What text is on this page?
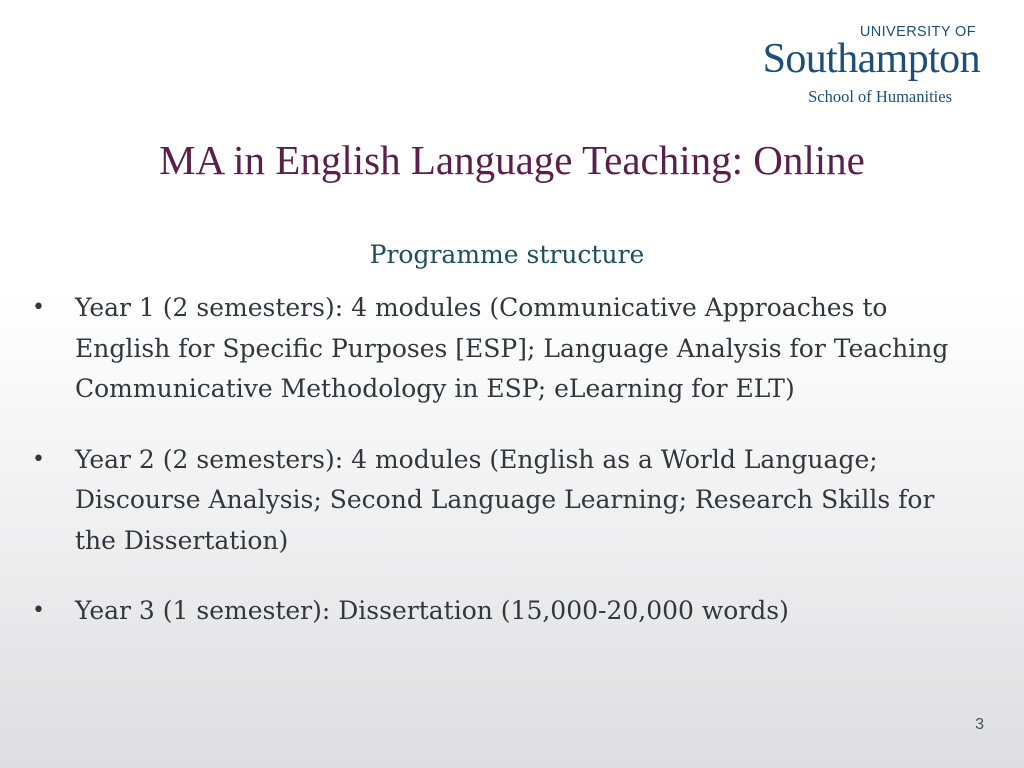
UNIVERSITY OF
Southampton
School of Humanities
MA in English Language Teaching: Online
Programme structure
• Year 1 (2 semesters): 4 modules (Communicative Approaches to English for Specific Purposes [ESP]; Language Analysis for Teaching Communicative Methodology in ESP; eLearning for ELT)
• Year 2 (2 semesters): 4 modules (English as a World Language; Discourse Analysis; Second Language Learning; Research Skills for the Dissertation)
• Year 3 (1 semester): Dissertation (15,000-20,000 words)
3
